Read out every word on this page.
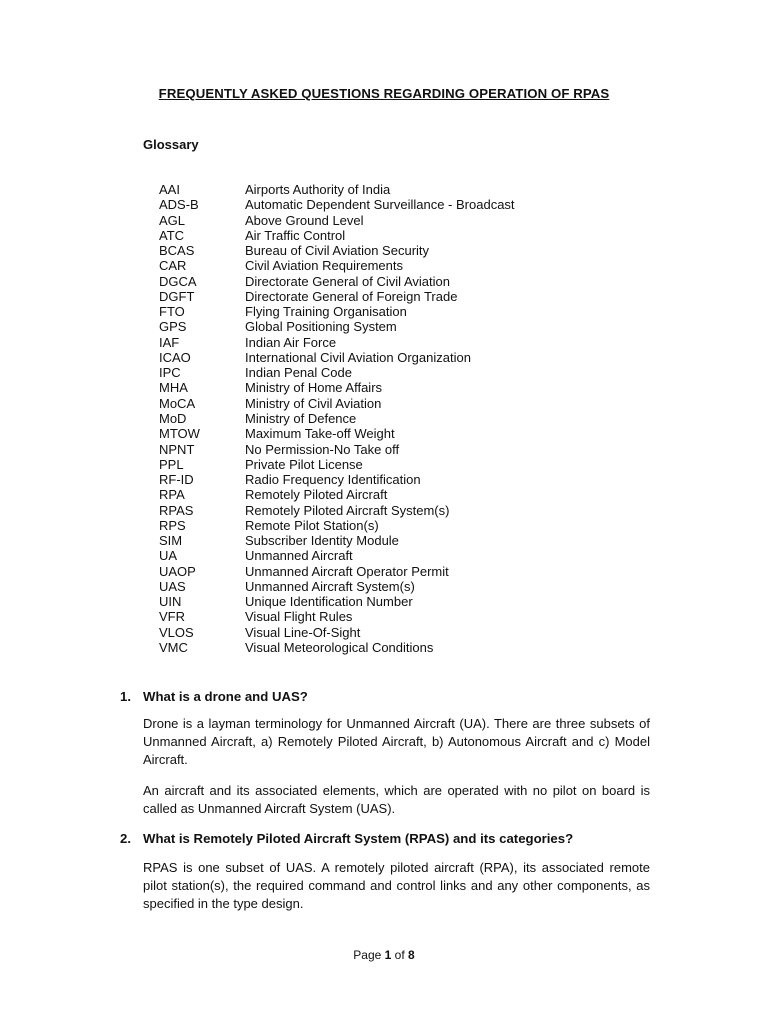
FREQUENTLY ASKED QUESTIONS REGARDING OPERATION OF RPAS
Glossary
AAI	Airports Authority of India
ADS-B	Automatic Dependent Surveillance - Broadcast
AGL	Above Ground Level
ATC	Air Traffic Control
BCAS	Bureau of Civil Aviation Security
CAR	Civil Aviation Requirements
DGCA	Directorate General of Civil Aviation
DGFT	Directorate General of Foreign Trade
FTO	Flying Training Organisation
GPS	Global Positioning System
IAF	Indian Air Force
ICAO	International Civil Aviation Organization
IPC	Indian Penal Code
MHA	Ministry of Home Affairs
MoCA	Ministry of Civil Aviation
MoD	Ministry of Defence
MTOW	Maximum Take-off Weight
NPNT	No Permission-No Take off
PPL	Private Pilot License
RF-ID	Radio Frequency Identification
RPA	Remotely Piloted Aircraft
RPAS	Remotely Piloted Aircraft System(s)
RPS	Remote Pilot Station(s)
SIM	Subscriber Identity Module
UA	Unmanned Aircraft
UAOP	Unmanned Aircraft Operator Permit
UAS	Unmanned Aircraft System(s)
UIN	Unique Identification Number
VFR	Visual Flight Rules
VLOS	Visual Line-Of-Sight
VMC	Visual Meteorological Conditions
1. What is a drone and UAS?

Drone is a layman terminology for Unmanned Aircraft (UA). There are three subsets of Unmanned Aircraft, a) Remotely Piloted Aircraft, b) Autonomous Aircraft and c) Model Aircraft.

An aircraft and its associated elements, which are operated with no pilot on board is called as Unmanned Aircraft System (UAS).

2. What is Remotely Piloted Aircraft System (RPAS) and its categories?

RPAS is one subset of UAS. A remotely piloted aircraft (RPA), its associated remote pilot station(s), the required command and control links and any other components, as specified in the type design.

Page 1 of 8
